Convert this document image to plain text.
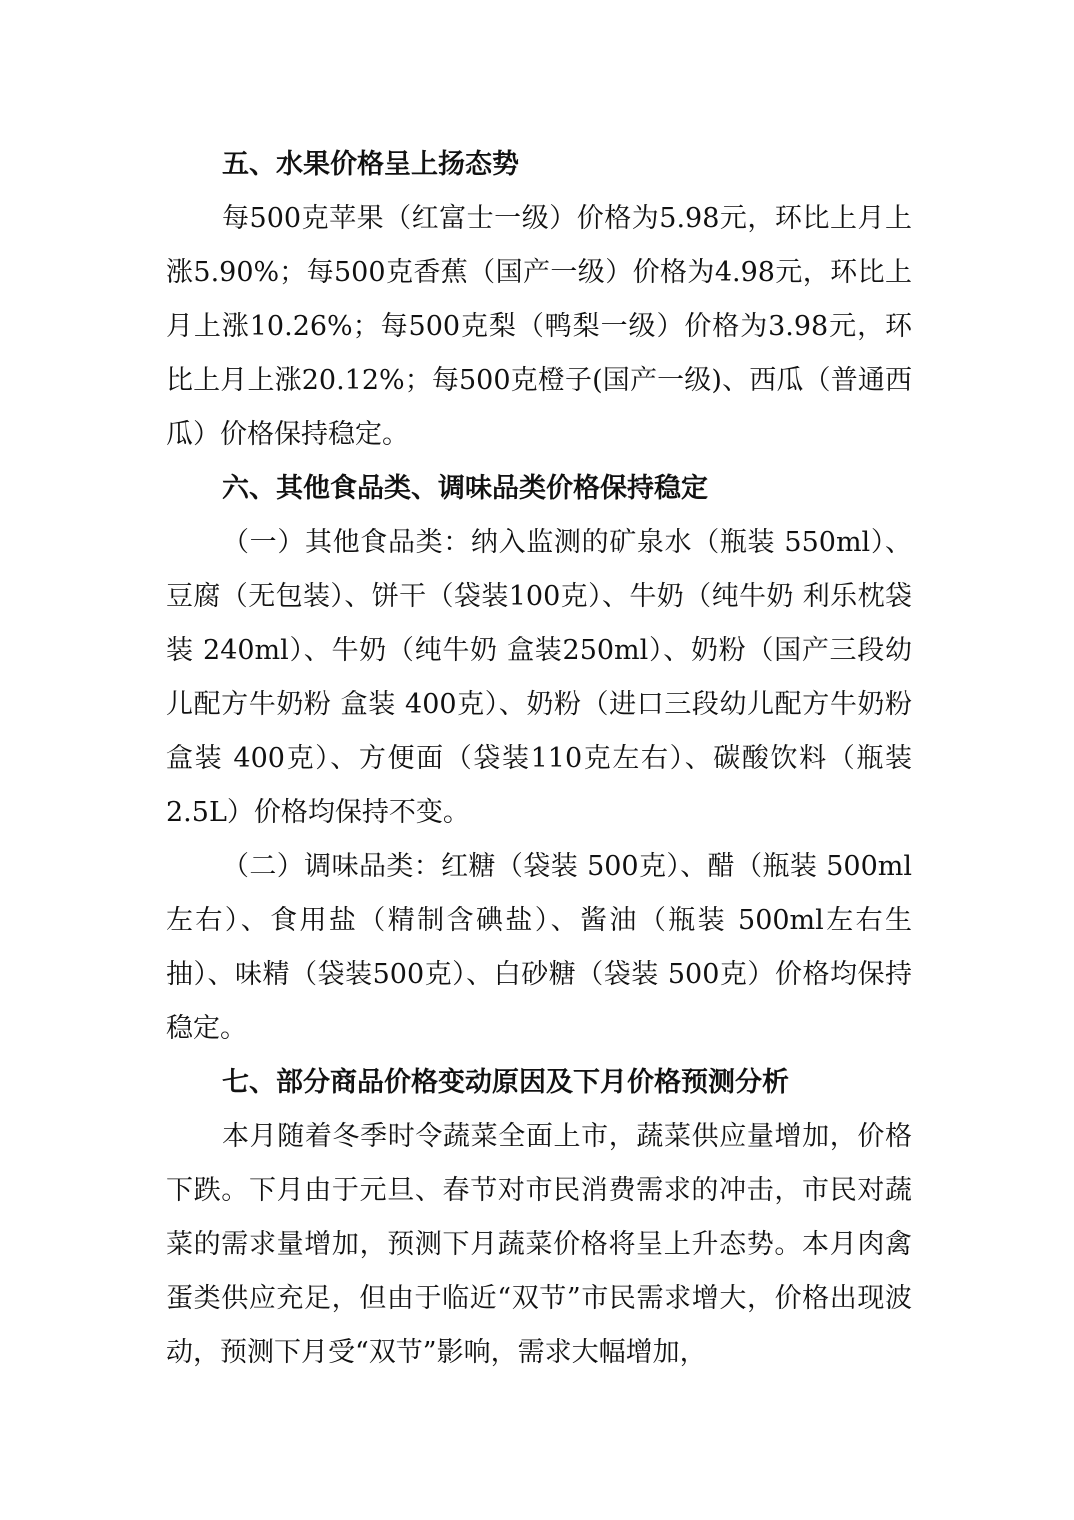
五、水果价格呈上扬态势

每500克苹果（红富士一级）价格为5.98元，环比上月上涨5.90%；每500克香蕉（国产一级）价格为4.98元，环比上月上涨10.26%；每500克梨（鸭梨一级）价格为3.98元，环比上月上涨20.12%；每500克橙子(国产一级)、西瓜（普通西瓜）价格保持稳定。

六、其他食品类、调味品类价格保持稳定

（一）其他食品类：纳入监测的矿泉水（瓶装 550ml）、豆腐（无包装）、饼干（袋装100克）、牛奶（纯牛奶 利乐枕袋装 240ml）、牛奶（纯牛奶 盒装250ml）、奶粉（国产三段幼儿配方牛奶粉 盒装 400克）、奶粉（进口三段幼儿配方牛奶粉 盒装 400克）、方便面（袋装110克左右）、碳酸饮料（瓶装 2.5L）价格均保持不变。

（二）调味品类：红糖（袋装 500克）、醋（瓶装 500ml左右）、食用盐（精制含碘盐）、酱油（瓶装 500ml左右生抽）、味精（袋装500克）、白砂糖（袋装 500克）价格均保持稳定。

七、部分商品价格变动原因及下月价格预测分析

本月随着冬季时令蔬菜全面上市，蔬菜供应量增加，价格下跌。下月由于元旦、春节对市民消费需求的冲击，市民对蔬菜的需求量增加，预测下月蔬菜价格将呈上升态势。本月肉禽蛋类供应充足，但由于临近“双节”市民需求增大，价格出现波动，预测下月受“双节”影响，需求大幅增加，
